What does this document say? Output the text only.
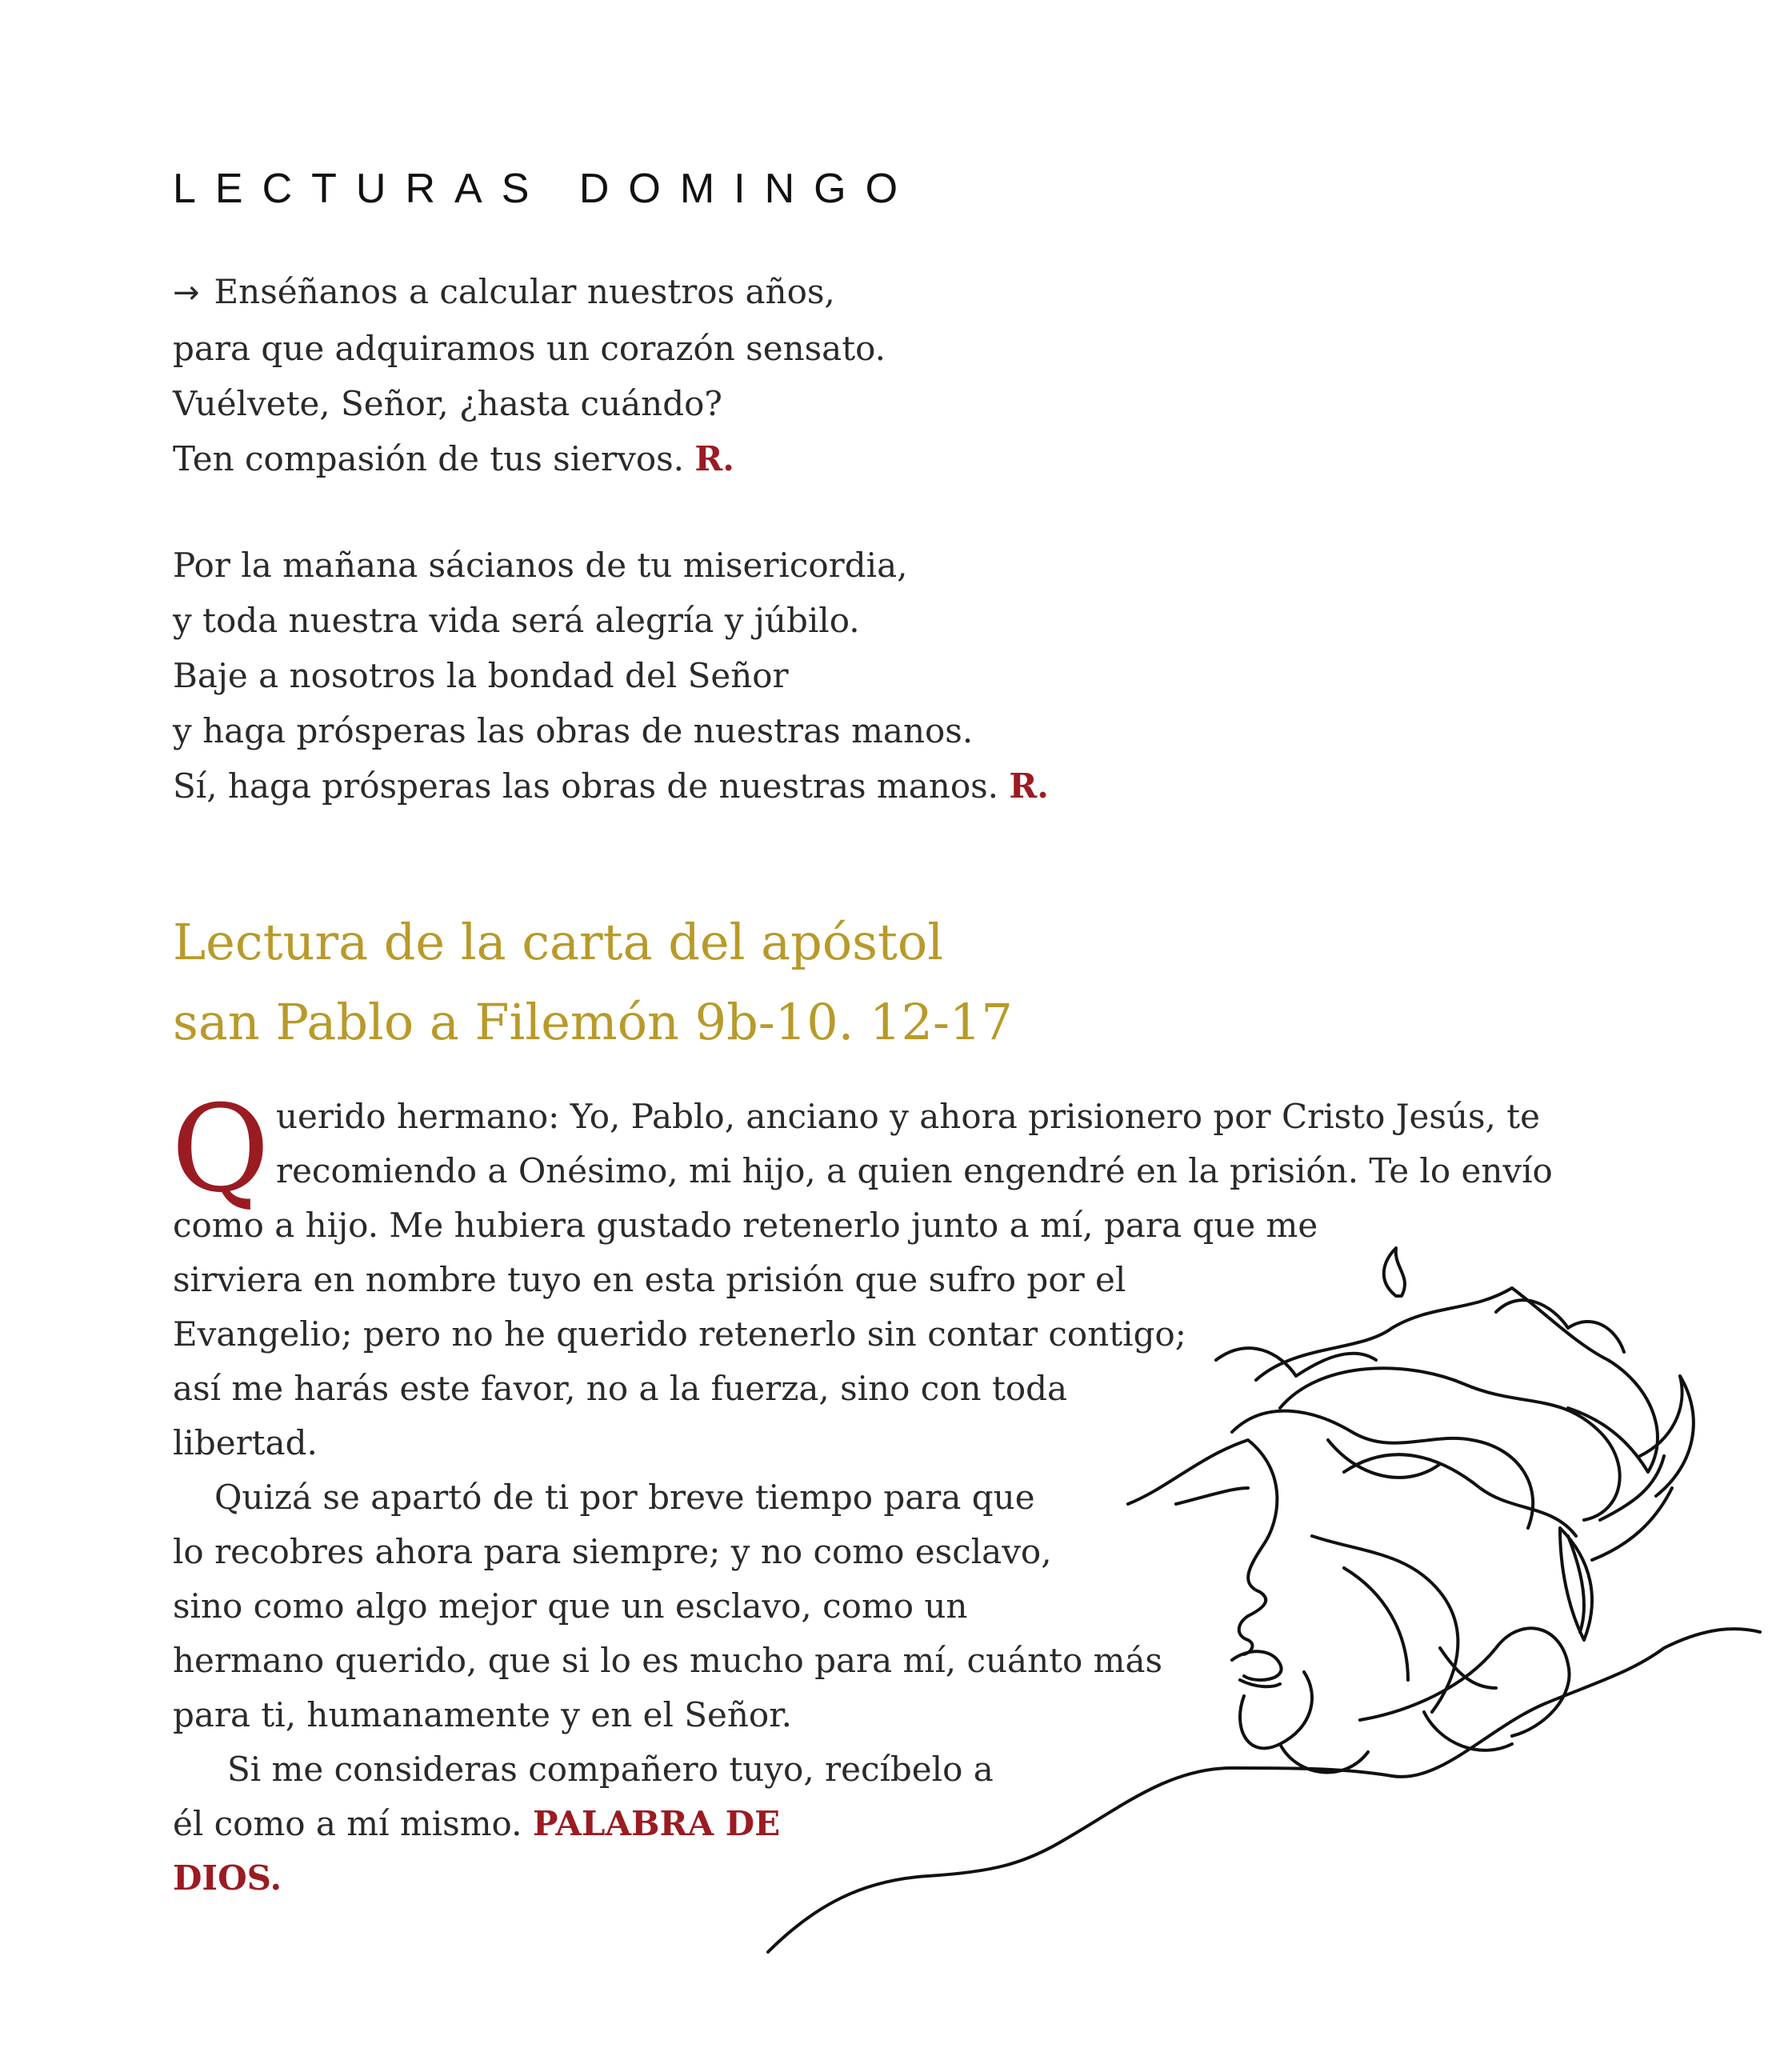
LECTURAS DOMINGO
→ Enséñanos a calcular nuestros años,
para que adquiramos un corazón sensato.
Vuélvete, Señor, ¿hasta cuándo?
Ten compasión de tus siervos. R.
Por la mañana sácianos de tu misericordia,
y toda nuestra vida será alegría y júbilo.
Baje a nosotros la bondad del Señor
y haga prósperas las obras de nuestras manos.
Sí, haga prósperas las obras de nuestras manos. R.
Lectura de la carta del apóstol
san Pablo a Filemón 9b-10. 12-17
Q uerido hermano: Yo, Pablo, anciano y ahora prisionero por Cristo Jesús, te
recomiendo a Onésimo, mi hijo, a quien engendré en la prisión. Te lo envío
como a hijo. Me hubiera gustado retenerlo junto a mí, para que me
sirviera en nombre tuyo en esta prisión que sufro por el
Evangelio; pero no he querido retenerlo sin contar contigo;
así me harás este favor, no a la fuerza, sino con toda
libertad.
Quizá se apartó de ti por breve tiempo para que
lo recobres ahora para siempre; y no como esclavo,
sino como algo mejor que un esclavo, como un
hermano querido, que si lo es mucho para mí, cuánto más
para ti, humanamente y en el Señor.
Si me consideras compañero tuyo, recíbelo a
él como a mí mismo. PALABRA DE
DIOS.
